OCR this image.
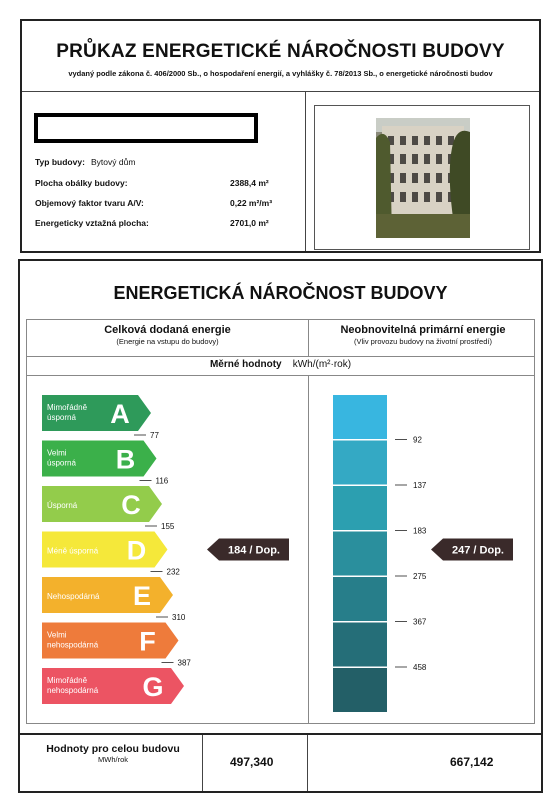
PRŮKAZ ENERGETICKÉ NÁROČNOSTI BUDOVY
vydaný podle zákona č. 406/2000 Sb., o hospodaření energií, a vyhlášky č. 78/2013 Sb., o energetické náročnosti budov
Typ budovy: Bytový dům
Plocha obálky budovy:	2388,4 m²
Objemový faktor tvaru A/V:	0,22 m²/m³
Energeticky vztažná plocha:	2701,0 m²
ENERGETICKÁ NÁROČNOST BUDOVY
Celková dodaná energie
(Energie na vstupu do budovy)
Neobnovitelná primární energie
(Vliv provozu budovy na životní prostředí)
Měrné hodnoty kWh/(m²·rok)
A
Mimořádně
úsporná
77
B
Velmi
úsporná
116
C
Úsporná
155
D
Méně úsporná
232
E
Nehospodárná
310
F
Velmi
nehospodárná
387
G
Mimořádně
nehospodárná
92
137
183
275
367
458
184 / Dop.	247 / Dop.
Hodnoty pro celou budovu
MWh/rok	497,340	667,142
